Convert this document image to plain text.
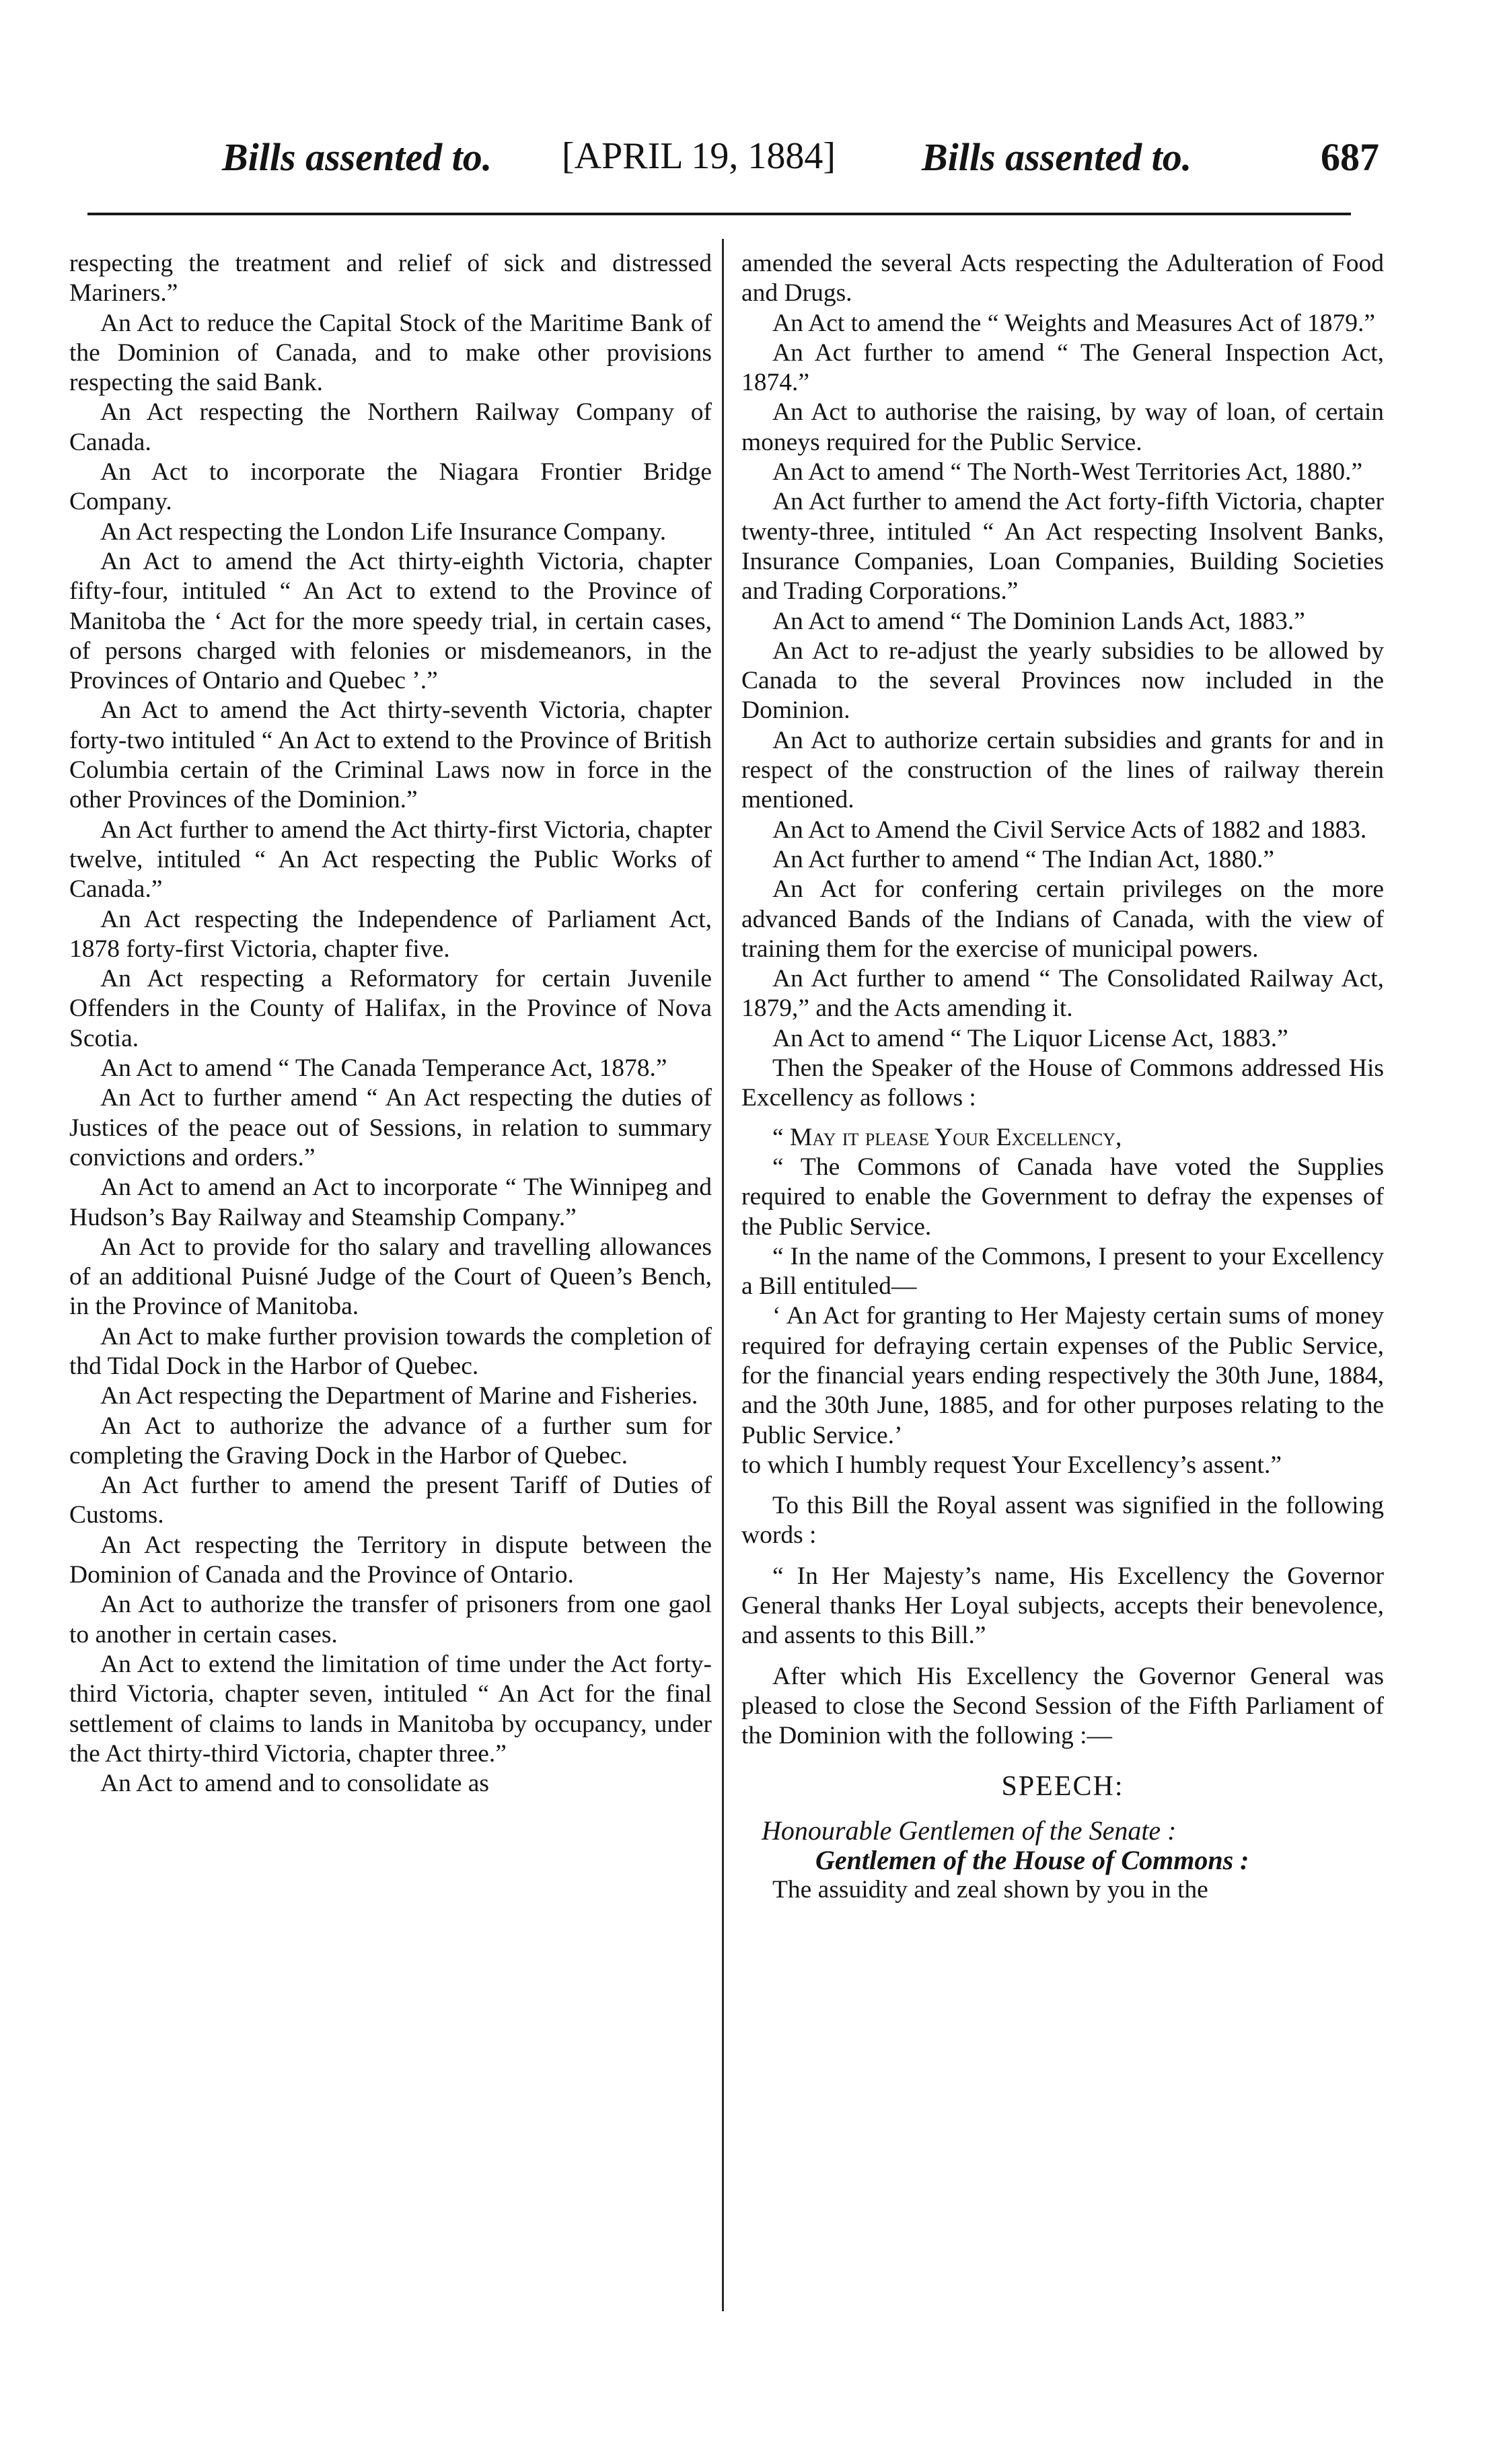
Bills assented to. [APRIL 19, 1884] Bills assented to.	687

respecting the treatment and relief of sick and distressed Mariners.”

An Act to reduce the Capital Stock of the Maritime Bank of the Dominion of Canada, and to make other provisions respecting the said Bank.

An Act respecting the Northern Railway Company of Canada.

An Act to incorporate the Niagara Frontier Bridge Company.

An Act respecting the London Life Insurance Company.

An Act to amend the Act thirty-eighth Victoria, chapter fifty-four, intituled “ An Act to extend to the Province of Manitoba the ‘ Act for the more speedy trial, in certain cases, of persons charged with felonies or misdemeanors, in the Provinces of Ontario and Quebec ’.”

An Act to amend the Act thirty-seventh Victoria, chapter forty-two intituled “ An Act to extend to the Province of British Columbia certain of the Criminal Laws now in force in the other Provinces of the Dominion.”

An Act further to amend the Act thirty-first Victoria, chapter twelve, intituled “ An Act respecting the Public Works of Canada.”

An Act respecting the Independence of Parliament Act, 1878 forty-first Victoria, chapter five.

An Act respecting a Reformatory for certain Juvenile Offenders in the County of Halifax, in the Province of Nova Scotia.

An Act to amend “ The Canada Temperance Act, 1878.”

An Act to further amend “ An Act respecting the duties of Justices of the peace out of Sessions, in relation to summary convictions and orders.”

An Act to amend an Act to incorporate “ The Winnipeg and Hudson’s Bay Railway and Steamship Company.”

An Act to provide for tho salary and travelling allowances of an additional Puisné Judge of the Court of Queen’s Bench, in the Province of Manitoba.

An Act to make further provision towards the completion of thd Tidal Dock in the Harbor of Quebec.

An Act respecting the Department of Marine and Fisheries.

An Act to authorize the advance of a further sum for completing the Graving Dock in the Harbor of Quebec.

An Act further to amend the present Tariff of Duties of Customs.

An Act respecting the Territory in dispute between the Dominion of Canada and the Province of Ontario.

An Act to authorize the transfer of prisoners from one gaol to another in certain cases.

An Act to extend the limitation of time under the Act forty-third Victoria, chapter seven, intituled “ An Act for the final settlement of claims to lands in Manitoba by occupancy, under the Act thirty-third Victoria, chapter three.”

An Act to amend and to consolidate as

amended the several Acts respecting the Adulteration of Food and Drugs.

An Act to amend the “ Weights and Measures Act of 1879.”

An Act further to amend “ The General Inspection Act, 1874.”

An Act to authorise the raising, by way of loan, of certain moneys required for the Public Service.

An Act to amend “ The North-West Territories Act, 1880.”

An Act further to amend the Act forty-fifth Victoria, chapter twenty-three, intituled “ An Act respecting Insolvent Banks, Insurance Companies, Loan Companies, Building Societies and Trading Corporations.”

An Act to amend “ The Dominion Lands Act, 1883.”

An Act to re-adjust the yearly subsidies to be allowed by Canada to the several Provinces now included in the Dominion.

An Act to authorize certain subsidies and grants for and in respect of the construction of the lines of railway therein mentioned.

An Act to Amend the Civil Service Acts of 1882 and 1883.

An Act further to amend “ The Indian Act, 1880.”

An Act for confering certain privileges on the more advanced Bands of the Indians of Canada, with the view of training them for the exercise of municipal powers.

An Act further to amend “ The Consolidated Railway Act, 1879,” and the Acts amending it.

An Act to amend “ The Liquor License Act, 1883.”

Then the Speaker of the House of Commons addressed His Excellency as follows :

“ May it please Your Excellency,

“ The Commons of Canada have voted the Supplies required to enable the Government to defray the expenses of the Public Service.

“ In the name of the Commons, I present to your Excellency a Bill entituled—

‘ An Act for granting to Her Majesty certain sums of money required for defraying certain expenses of the Public Service, for the financial years ending respectively the 30th June, 1884, and the 30th June, 1885, and for other purposes relating to the Public Service.’

to which I humbly request Your Excellency’s assent.”

To this Bill the Royal assent was signified in the following words :

“ In Her Majesty’s name, His Excellency the Governor General thanks Her Loyal subjects, accepts their benevolence, and assents to this Bill.”

After which His Excellency the Governor General was pleased to close the Second Session of the Fifth Parliament of the Dominion with the following :—

SPEECH:

Honourable Gentlemen of the Senate :

Gentlemen of the House of Commons :

The assuidity and zeal shown by you in the
